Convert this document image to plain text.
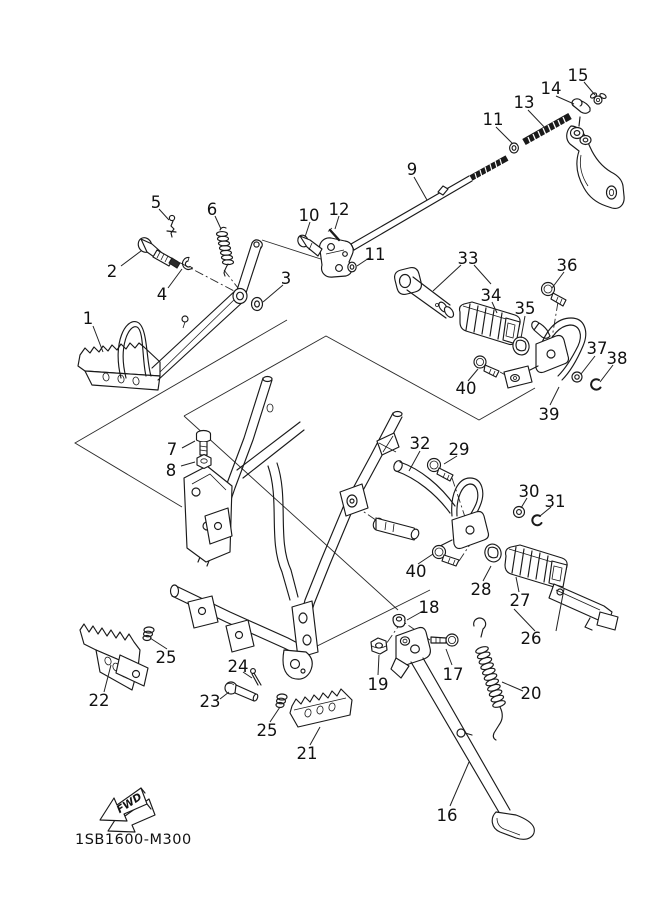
FWD
1SB1600-M300
1
2	3
4
5	6
7
8
9
10
11
11
12
13
14
15
16
17
18
19	20
21
22	23
24
25
25
26
27
28
29
30
31
32
33
34
35
36
37
38
39
40
40
